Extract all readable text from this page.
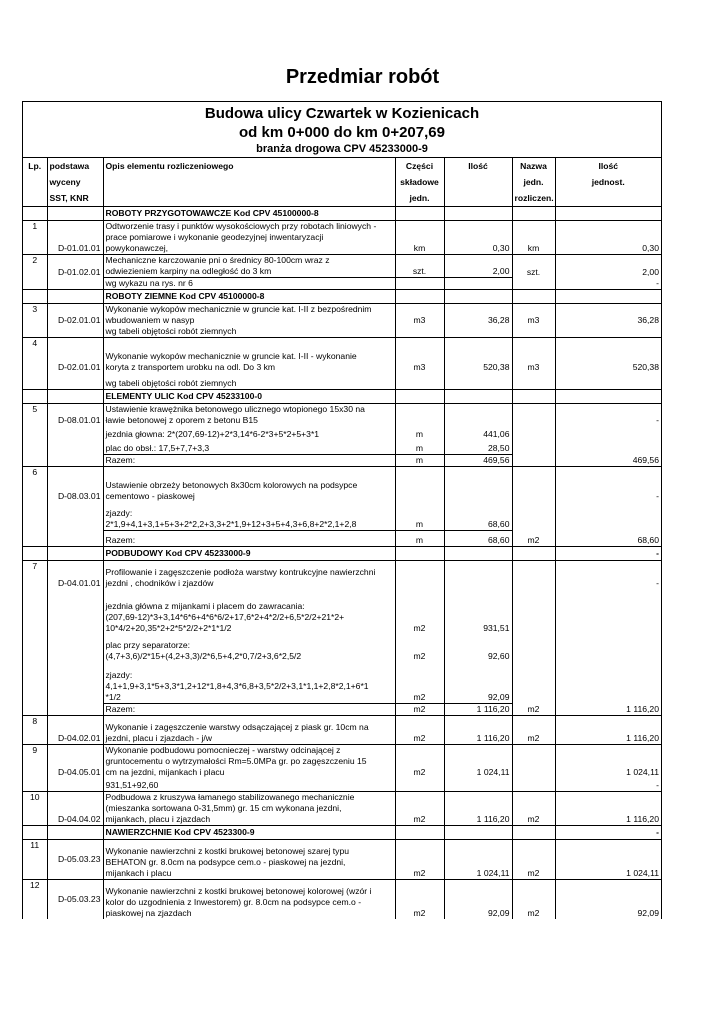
Przedmiar robót
Budowa ulicy Czwartek w Kozienicach
od km 0+000 do km 0+207,69
branża drogowa CPV 45233000-9
Lp.	podstawa
wyceny
SST, KNR	Opis elementu rozliczeniowego	Części
składowe
jedn.	Ilość	Nazwa
jedn.
rozliczen.	Ilość
jednost.

		ROBOTY PRZYGOTOWAWCZE Kod CPV 45100000-8				
1	D-01.01.01	Odtworzenie trasy i punktów wysokościowych przy robotach liniowych -
prace pomiarowe i wykonanie geodezyjnej inwentaryzacji
powykonawczej,	km	0,30	km	0,30
2	D-01.02.01	Mechaniczne karczowanie pni o średnicy 80-100cm wraz z
odwiezieniem karpiny na odległość do 3 km	szt.	2,00	szt.	2,00
		wg wykazu na rys. nr 6				-
		ROBOTY ZIEMNE Kod CPV 45100000-8				
3	D-02.01.01	Wykonanie wykopów mechanicznie w gruncie kat. I-II z bezpośrednim
wbudowaniem w nasyp	m3	36,28	m3	36,28
		wg tabeli objętości robót ziemnych				
4	D-02.01.01	Wykonanie wykopów mechanicznie w gruncie kat. I-II - wykonanie
koryta z transportem urobku na odl. Do 3 km	m3	520,38	m3	520,38
		wg tabeli objętości robót ziemnych				
		ELEMENTY ULIC Kod CPV 45233100-0				
5	D-08.01.01	Ustawienie krawężnika betonowego ulicznego wtopionego 15x30 na
ławie betonowej z oporem z betonu B15				-
		jezdnia głowna: 2*(207,69-12)+2*3,14*6-2*3+5*2+5+3*1	m	441,06		
		plac do obsł.: 17,5+7,7+3,3	m	28,50		
		Razem:	m	469,56		469,56
6	D-08.03.01	Ustawienie obrzeży betonowych 8x30cm kolorowych na podsypce
cementowo - piaskowej				-

		zjazdy:
2*1,9+4,1+3,1+5+3+2*2,2+3,3+2*1,9+12+3+5+4,3+6,8+2*2,1+2,8	m	68,60		
		Razem:	m	68,60	m2	68,60
		PODBUDOWY Kod CPV 45233000-9				-
7	D-04.01.01	Profilowanie i zagęszczenie podłoża warstwy kontrukcyjne nawierzchni
jezdni , chodników i zjazdów				-

		jezdnia główna z mijankami i placem do zawracania:
(207,69-12)*3+3,14*6*6+4*6*6/2+17,6*2+4*2/2+6,5*2/2+21*2+
10*4/2+20,35*2+2*5*2/2+2*1*1/2	m2	931,51		

		plac przy separatorze:
(4,7+3,6)/2*15+(4,2+3,3)/2*6,5+4,2*0,7/2+3,6*2,5/2	m2	92,60		

		zjazdy:
4,1+1,9+3,1*5+3,3*1,2+12*1,8+4,3*6,8+3,5*2/2+3,1*1,1+2,8*2,1+6*1
*1/2	m2	92,09		
		Razem:	m2	1 116,20	m2	1 116,20
8	D-04.02.01	Wykonanie i zagęszczenie warstwy odsączającej z piask gr. 10cm na
jezdni, placu i zjazdach - j/w	m2	1 116,20	m2	1 116,20
9	D-04.05.01	Wykonanie podbudowu pomocnieczej - warstwy odcinającej z
gruntocementu o wytrzymałości Rm=5.0MPa gr. po zagęszczeniu 15
cm na jezdni, mijankach i placu	m2	1 024,11		1 024,11
		931,51+92,60				-
10	D-04.04.02	Podbudowa z kruszywa łamanego stabilizowanego mechanicznie
(mieszanka sortowana 0-31,5mm) gr. 15 cm wykonana jezdni,
mijankach, placu i zjazdach	m2	1 116,20	m2	1 116,20
		NAWIERZCHNIE Kod CPV 4523300-9				-
11	D-05.03.23	Wykonanie nawierzchni z kostki brukowej betonowej szarej typu
BEHATON gr. 8.0cm na podsypce cem.o - piaskowej na jezdni,
mijankach i placu	m2	1 024,11	m2	1 024,11
12	D-05.03.23	Wykonanie nawierzchni z kostki brukowej betonowej kolorowej (wzór i
kolor do uzgodnienia z Inwestorem) gr. 8.0cm na podsypce cem.o -
piaskowej na zjazdach	m2	92,09	m2	92,09
